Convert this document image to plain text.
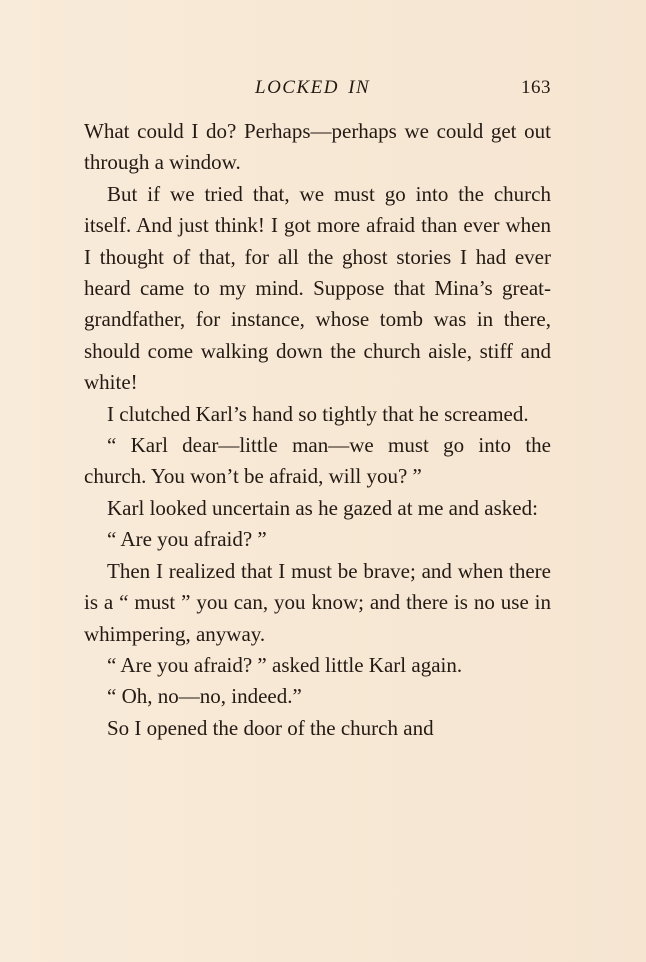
LOCKED IN	163

What could I do? Perhaps—perhaps we could get out through a window.

But if we tried that, we must go into the church itself. And just think! I got more afraid than ever when I thought of that, for all the ghost stories I had ever heard came to my mind. Suppose that Mina’s great-grandfather, for instance, whose tomb was in there, should come walking down the church aisle, stiff and white!

I clutched Karl’s hand so tightly that he screamed.

“ Karl dear—little man—we must go into the church. You won’t be afraid, will you? ”

Karl looked uncertain as he gazed at me and asked:

“ Are you afraid? ”

Then I realized that I must be brave; and when there is a “ must ” you can, you know; and there is no use in whimpering, anyway.

“ Are you afraid? ” asked little Karl again.

“ Oh, no—no, indeed.”

So I opened the door of the church and
